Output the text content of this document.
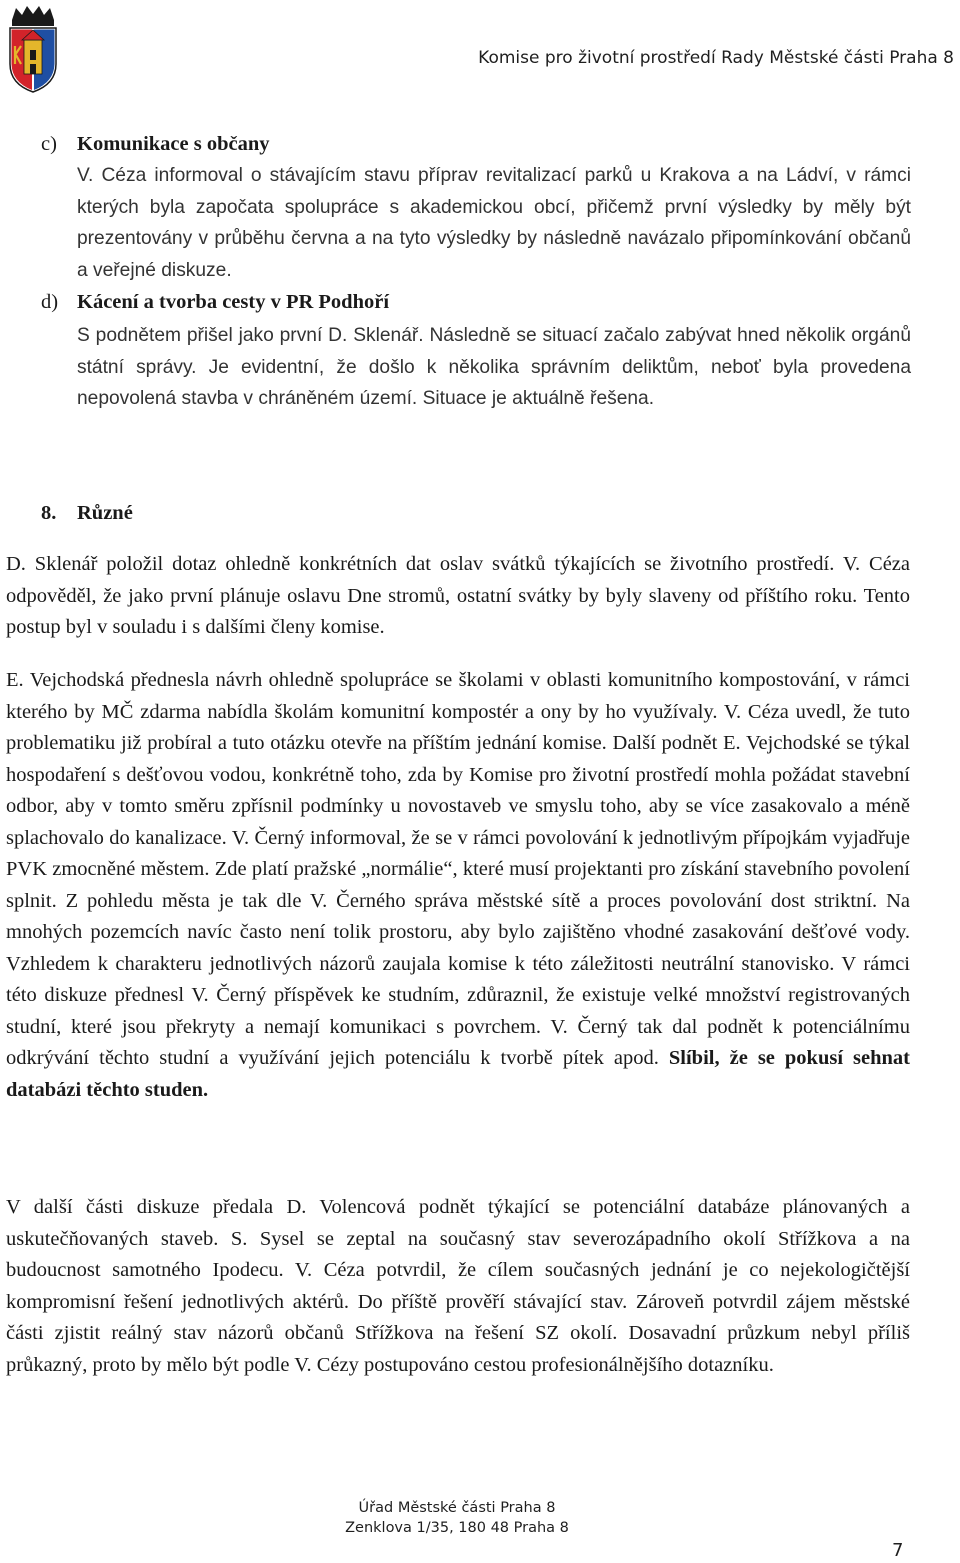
Komise pro životní prostředí Rady Městské části Praha 8
c) Komunikace s občany

V. Céza informoval o stávajícím stavu příprav revitalizací parků u Krakova a na Ládví, v rámci kterých byla započata spolupráce s akademickou obcí, přičemž první výsledky by měly být prezentovány v průběhu června a na tyto výsledky by následně navázalo připomínkování občanů a veřejné diskuze.

d) Kácení a tvorba cesty v PR Podhoří

S podnětem přišel jako první D. Sklenář. Následně se situací začalo zabývat hned několik orgánů státní správy. Je evidentní, že došlo k několika správním deliktům, neboť byla provedena nepovolená stavba v chráněném území. Situace je aktuálně řešena.

8. Různé

D. Sklenář položil dotaz ohledně konkrétních dat oslav svátků týkajících se životního prostředí. V. Céza odpověděl, že jako první plánuje oslavu Dne stromů, ostatní svátky by byly slaveny od příštího roku. Tento postup byl v souladu i s dalšími členy komise.

E. Vejchodská přednesla návrh ohledně spolupráce se školami v oblasti komunitního kompostování, v rámci kterého by MČ zdarma nabídla školám komunitní kompostér a ony by ho využívaly. V. Céza uvedl, že tuto problematiku již probíral a tuto otázku otevře na příštím jednání komise. Další podnět E. Vejchodské se týkal hospodaření s dešťovou vodou, konkrétně toho, zda by Komise pro životní prostředí mohla požádat stavební odbor, aby v tomto směru zpřísnil podmínky u novostaveb ve smyslu toho, aby se více zasakovalo a méně splachovalo do kanalizace. V. Černý informoval, že se v rámci povolování k jednotlivým přípojkám vyjadřuje PVK zmocněné městem. Zde platí pražské „normálie“, které musí projektanti pro získání stavebního povolení splnit. Z pohledu města je tak dle V. Černého správa městské sítě a proces povolování dost striktní. Na mnohých pozemcích navíc často není tolik prostoru, aby bylo zajištěno vhodné zasakování dešťové vody. Vzhledem k charakteru jednotlivých názorů zaujala komise k této záležitosti neutrální stanovisko. V rámci této diskuze přednesl V. Černý příspěvek ke studním, zdůraznil, že existuje velké množství registrovaných studní, které jsou překryty a nemají komunikaci s povrchem. V. Černý tak dal podnět k potenciálnímu odkrývání těchto studní a využívání jejich potenciálu k tvorbě pítek apod. Slíbil, že se pokusí sehnat databázi těchto studen.

V další části diskuze předala D. Volencová podnět týkající se potenciální databáze plánovaných a uskutečňovaných staveb. S. Sysel se zeptal na současný stav severozápadního okolí Střížkova a na budoucnost samotného Ipodecu. V. Céza potvrdil, že cílem současných jednání je co nejekologičtější kompromisní řešení jednotlivých aktérů. Do příště prověří stávající stav. Zároveň potvrdil zájem městské části zjistit reálný stav názorů občanů Střížkova na řešení SZ okolí. Dosavadní průzkum nebyl příliš průkazný, proto by mělo být podle V. Cézy postupováno cestou profesionálnějšího dotazníku.

Úřad Městské části Praha 8
Zenklova 1/35, 180 48 Praha 8
7
